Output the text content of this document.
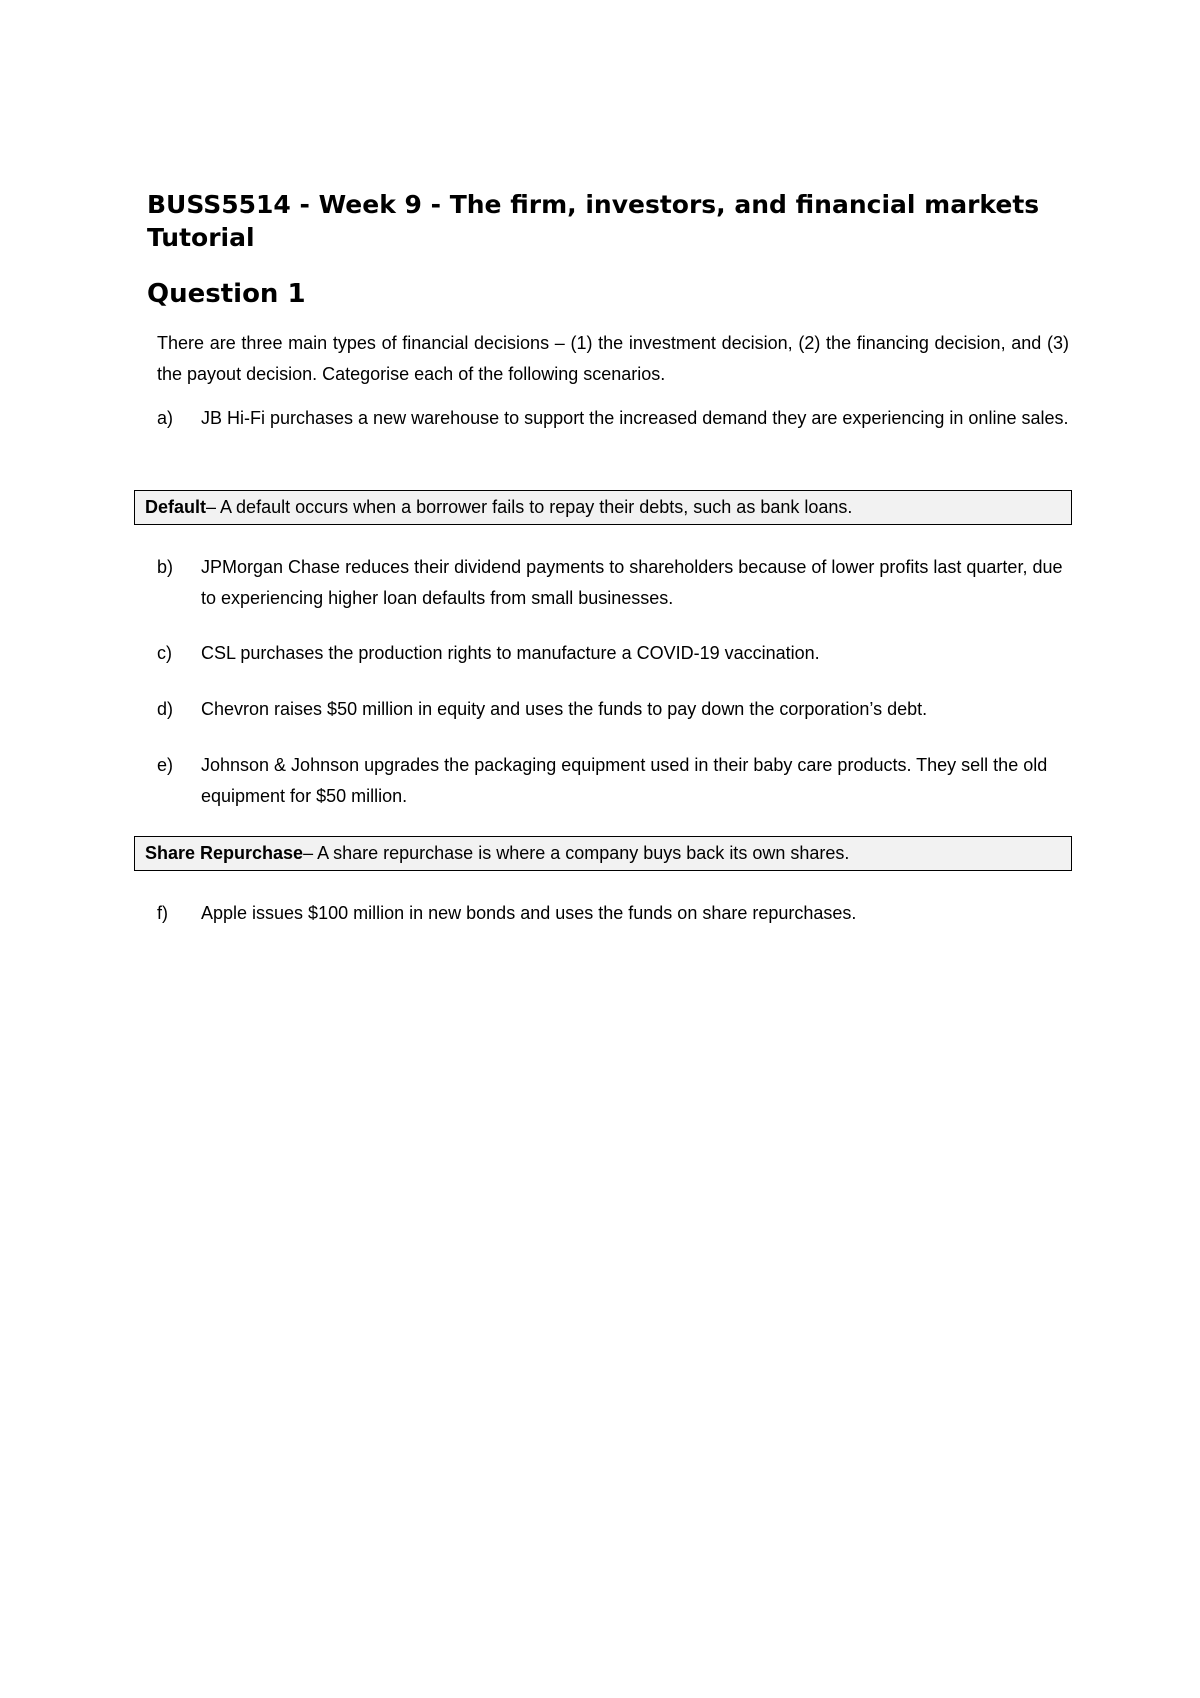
BUSS5514 - Week 9 - The firm, investors, and financial markets Tutorial
Question 1

There are three main types of financial decisions – (1) the investment decision, (2) the financing decision, and (3) the payout decision. Categorise each of the following scenarios.

a)	JB Hi-Fi purchases a new warehouse to support the increased demand they are experiencing in online sales.
Default – A default occurs when a borrower fails to repay their debts, such as bank loans.
b)	JPMorgan Chase reduces their dividend payments to shareholders because of lower profits last quarter, due to experiencing higher loan defaults from small businesses.
c)	CSL purchases the production rights to manufacture a COVID-19 vaccination.
d)	Chevron raises $50 million in equity and uses the funds to pay down the corporation’s debt.
e)	Johnson & Johnson upgrades the packaging equipment used in their baby care products. They sell the old equipment for $50 million.
Share Repurchase – A share repurchase is where a company buys back its own shares.
f)	Apple issues $100 million in new bonds and uses the funds on share repurchases.
